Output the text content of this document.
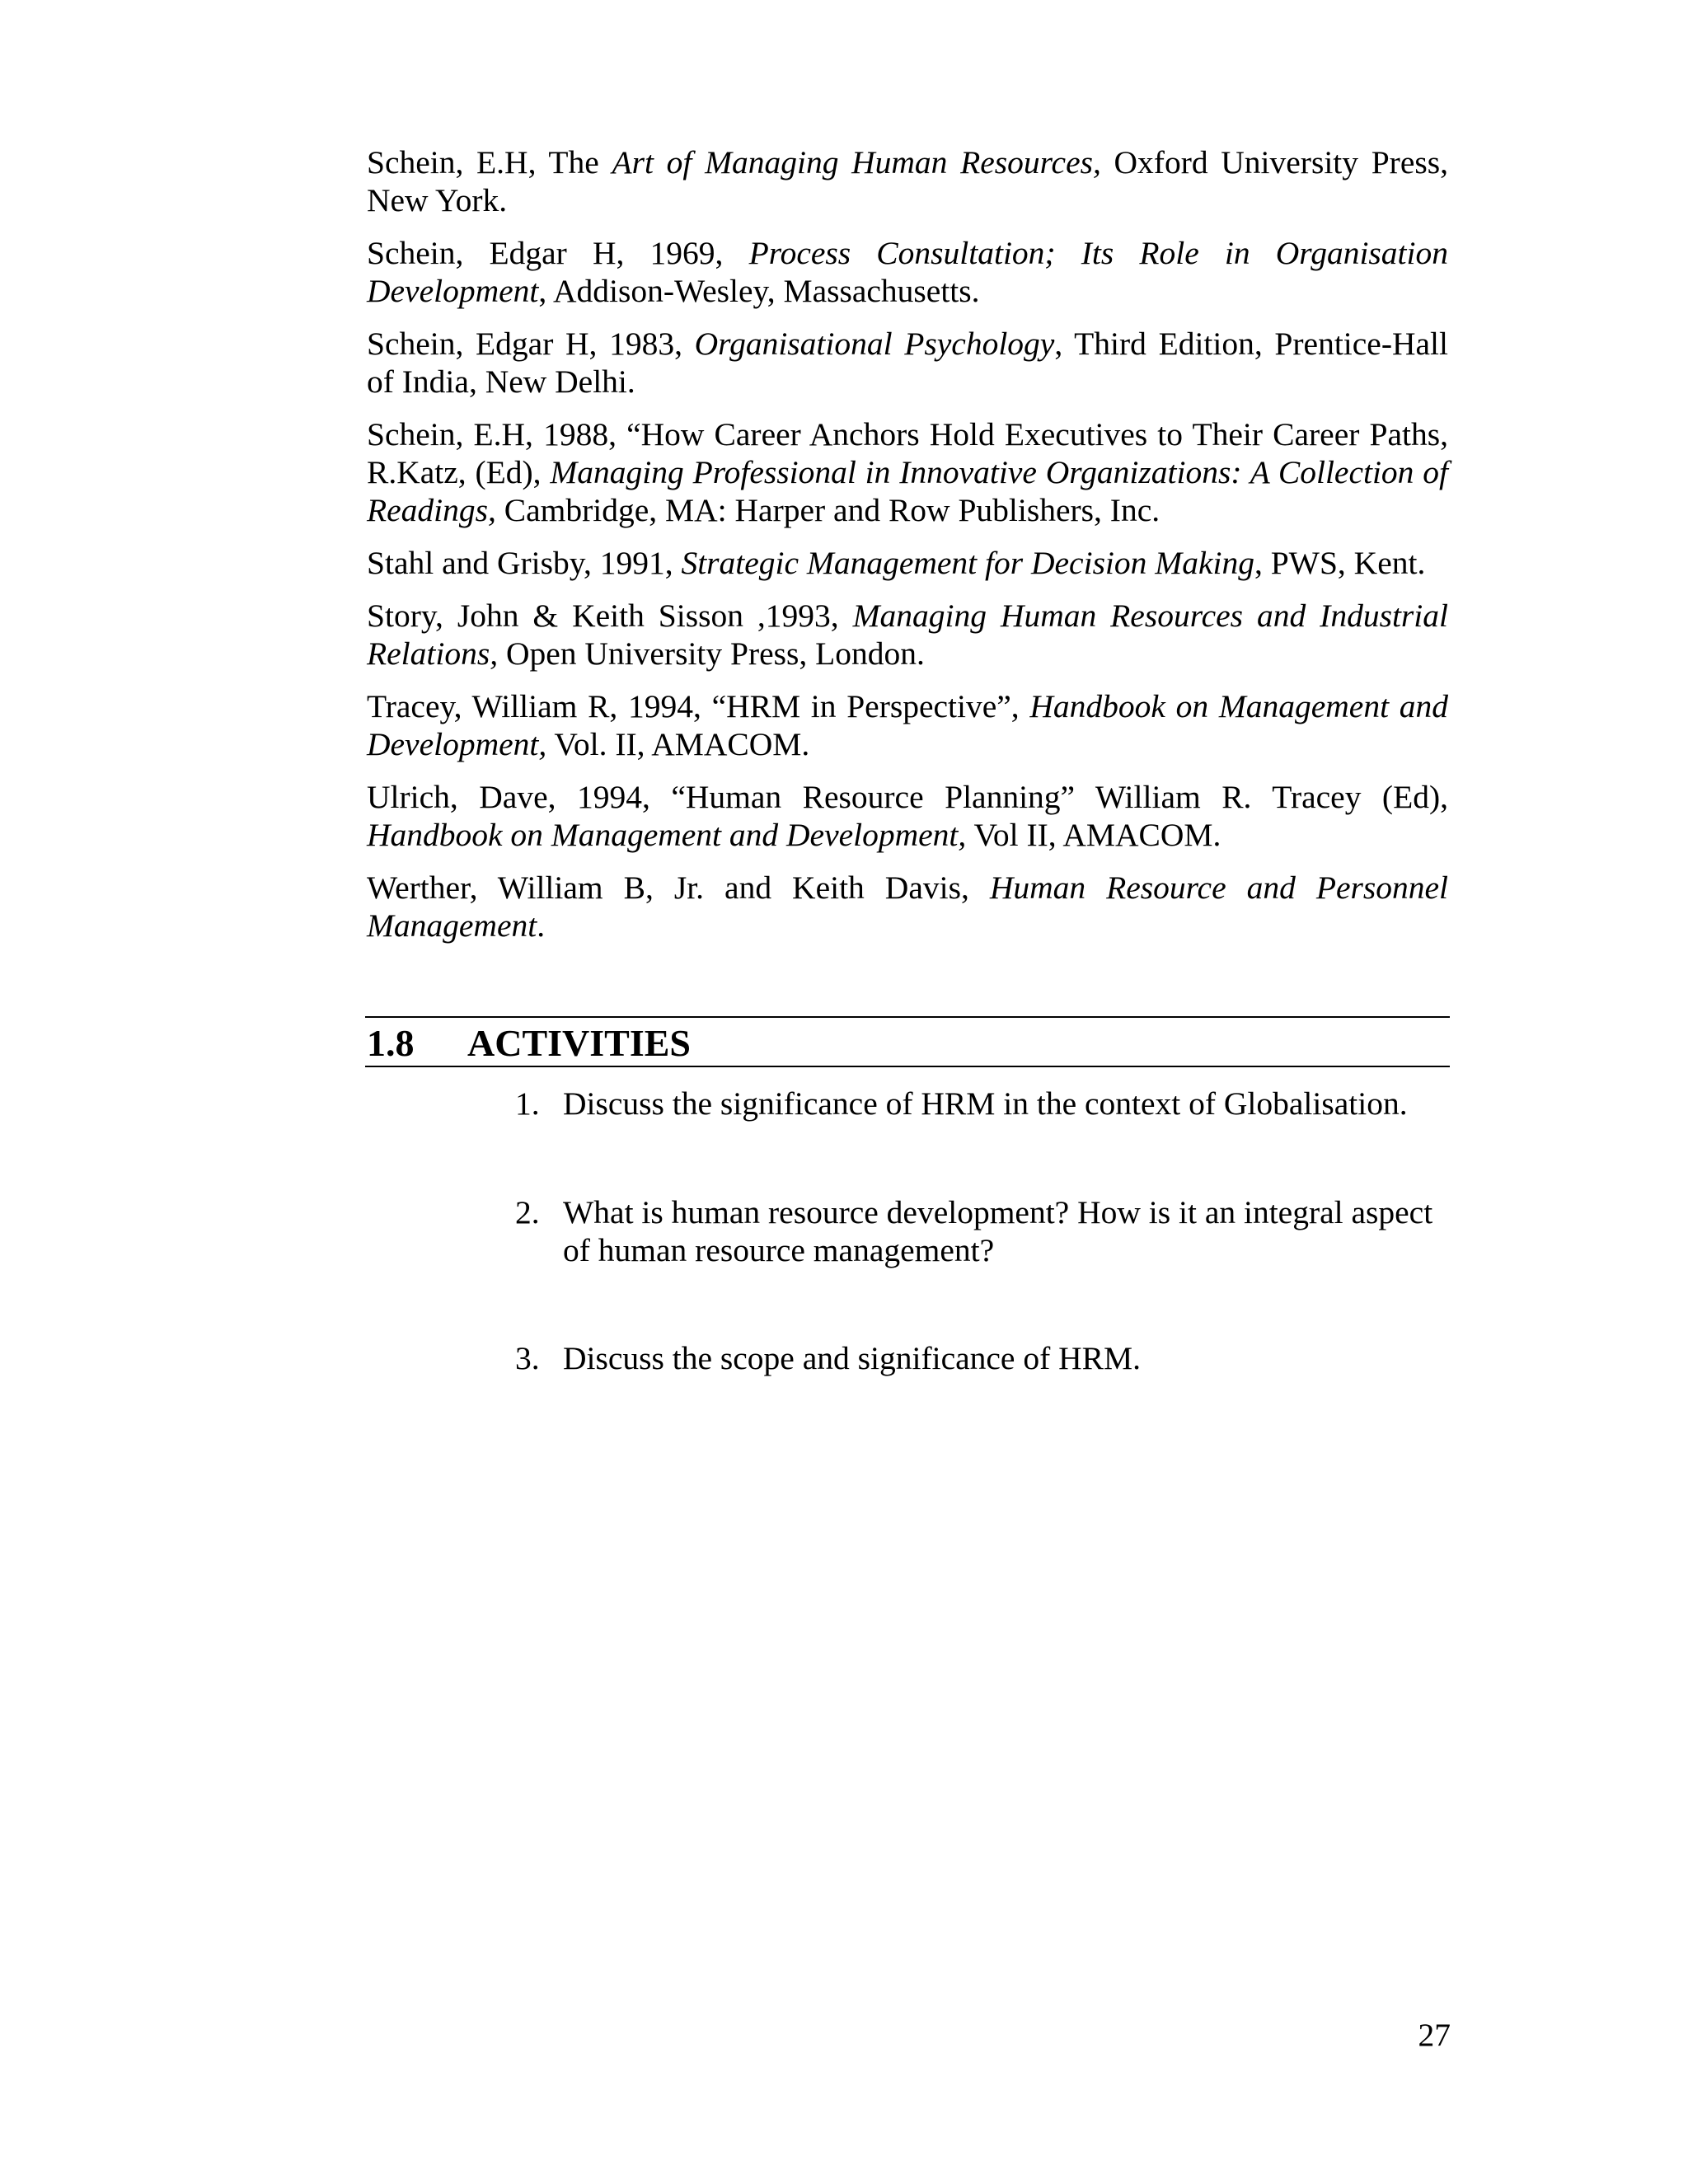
Schein, E.H, The Art of Managing Human Resources, Oxford University Press, New York.

Schein, Edgar H, 1969, Process Consultation; Its Role in Organisation Development, Addison-Wesley, Massachusetts.

Schein, Edgar H, 1983, Organisational Psychology, Third Edition, Prentice-Hall of India, New Delhi.

Schein, E.H, 1988, “How Career Anchors Hold Executives to Their Career Paths, R.Katz, (Ed), Managing Professional in Innovative Organizations: A Collection of Readings, Cambridge, MA: Harper and Row Publishers, Inc.

Stahl and Grisby, 1991, Strategic Management for Decision Making, PWS, Kent.

Story, John & Keith Sisson ,1993, Managing Human Resources and Industrial Relations, Open University Press, London.

Tracey, William R, 1994, “HRM in Perspective”, Handbook on Management and Development, Vol. II, AMACOM.

Ulrich, Dave, 1994, “Human Resource Planning” William R. Tracey (Ed), Handbook on Management and Development, Vol II, AMACOM.

Werther, William B, Jr. and Keith Davis, Human Resource and Personnel Management.

1.8 ACTIVITIES
1. Discuss the significance of HRM in the context of Globalisation.
2. What is human resource development? How is it an integral aspect of human resource management?
3. Discuss the scope and significance of HRM.
27
